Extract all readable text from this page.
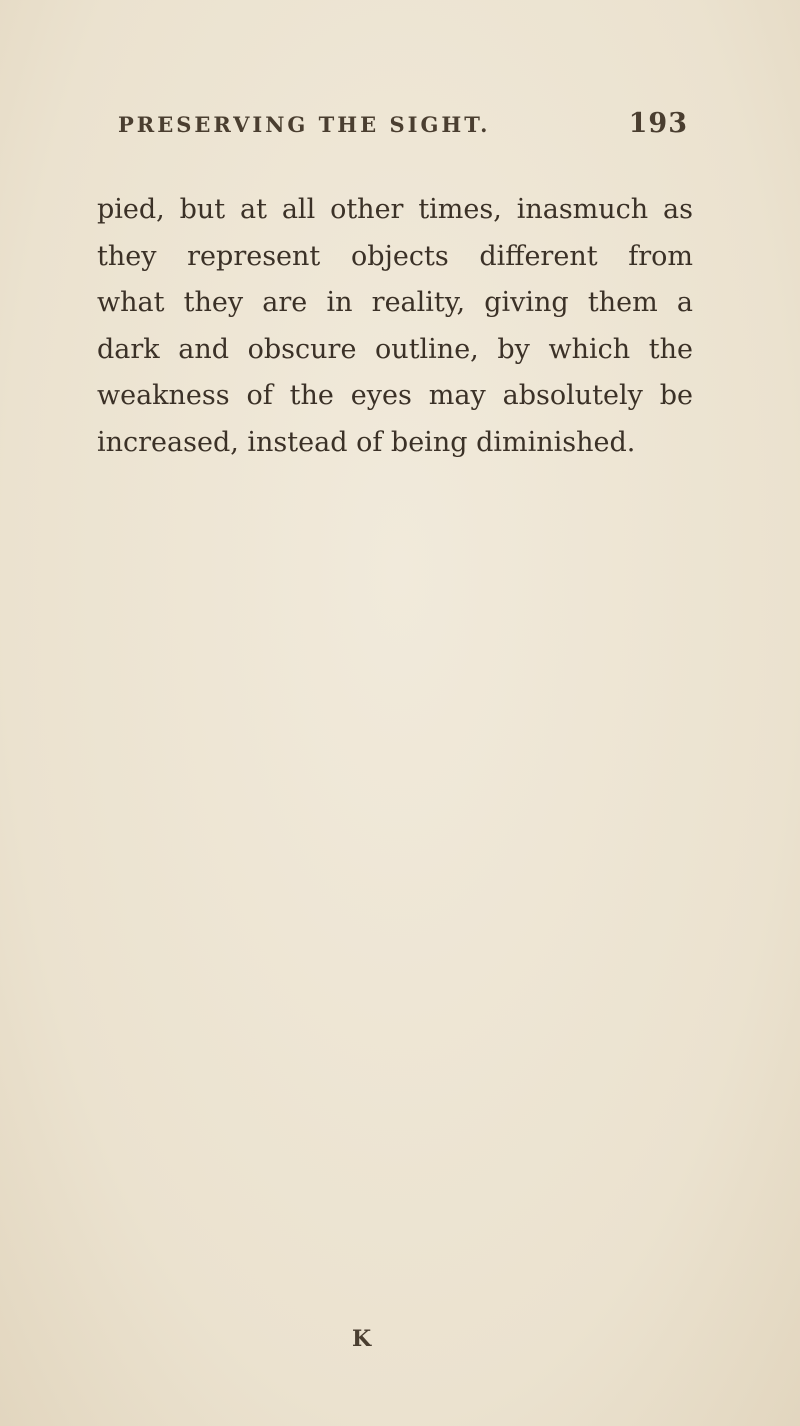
PRESERVING THE SIGHT.	193
pied, but at all other times, inasmuch as
they represent objects different from
what they are in reality, giving them a
dark and obscure outline, by which the
weakness of the eyes may absolutely be
increased, instead of being diminished.
K
